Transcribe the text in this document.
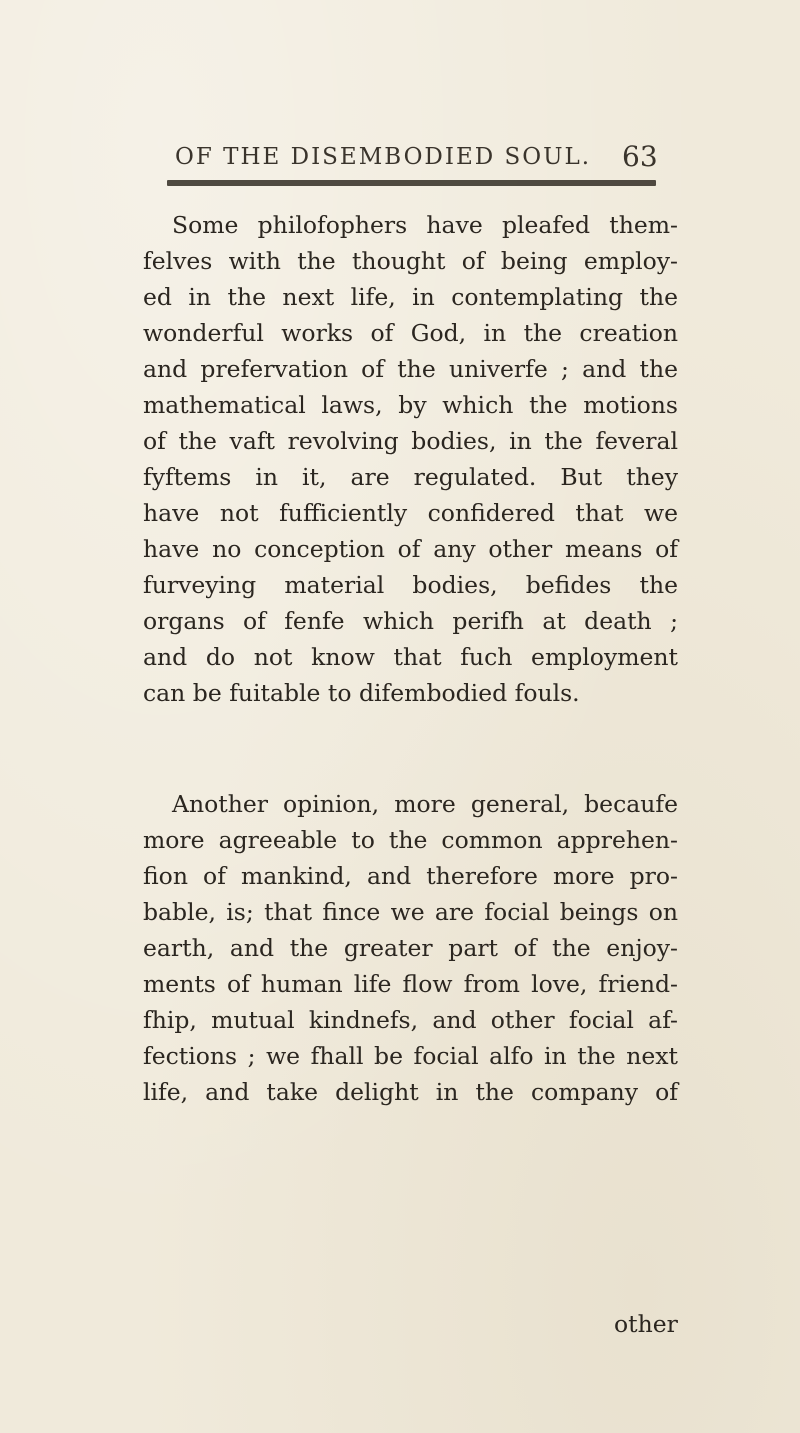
OF THE DISEMBODIED SOUL.	63
Some philofophers have pleafed them-
felves with the thought of being employ-
ed in the next life, in contemplating the
wonderful works of God, in the creation
and prefervation of the univerfe ; and the
mathematical laws, by which the motions
of the vaft revolving bodies, in the feveral
fyftems in it, are regulated. But they
have not fufficiently confidered that we
have no conception of any other means of
furveying material bodies, befides the
organs of fenfe which perifh at death ;
and do not know that fuch employment
can be fuitable to difembodied fouls.
Another opinion, more general, becaufe
more agreeable to the common apprehen-
fion of mankind, and therefore more pro-
bable, is; that fince we are focial beings on
earth, and the greater part of the enjoy-
ments of human life flow from love, friend-
fhip, mutual kindnefs, and other focial af-
fections ; we fhall be focial alfo in the next
life, and take delight in the company of
other
